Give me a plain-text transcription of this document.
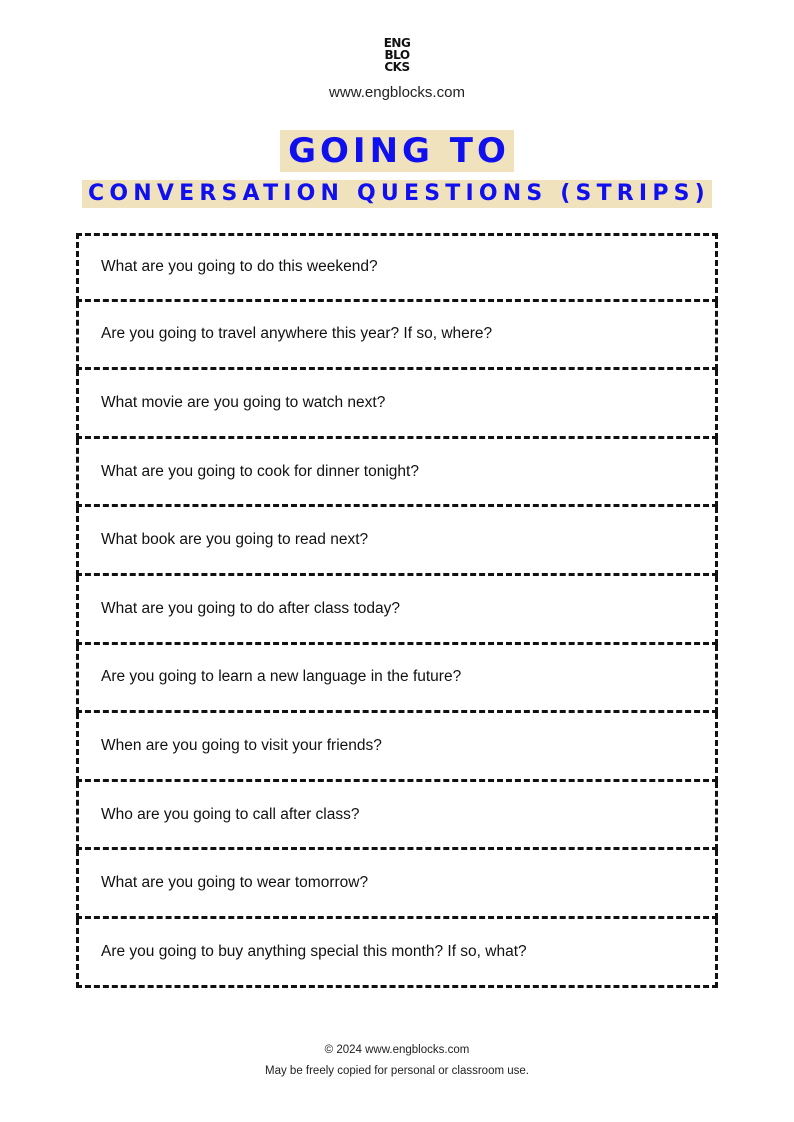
ENG
BLO
CKS
www.engblocks.com
GOING TO
CONVERSATION QUESTIONS (STRIPS)
What are you going to do this weekend?
Are you going to travel anywhere this year? If so, where?
What movie are you going to watch next?
What are you going to cook for dinner tonight?
What book are you going to read next?
What are you going to do after class today?
Are you going to learn a new language in the future?
When are you going to visit your friends?
Who are you going to call after class?
What are you going to wear tomorrow?
Are you going to buy anything special this month? If so, what?
© 2024 www.engblocks.com
May be freely copied for personal or classroom use.
